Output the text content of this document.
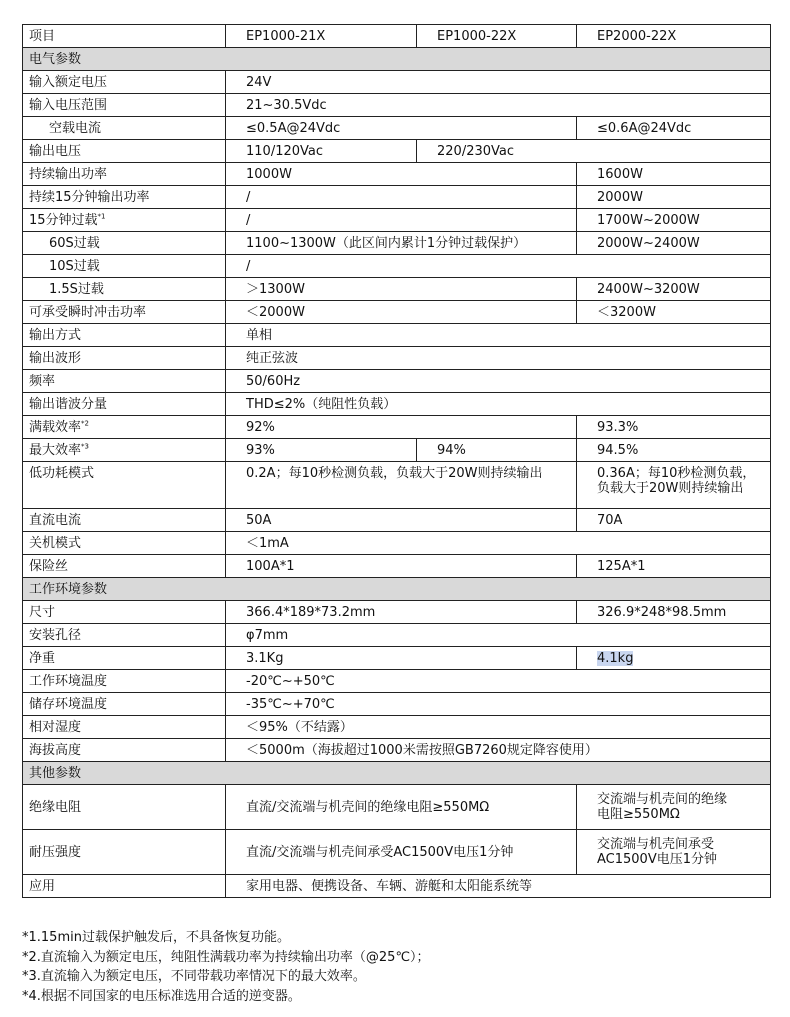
项目	EP1000-21X	EP1000-22X	EP2000-22X
电气参数			
输入额定电压	24V		
输入电压范围	21~30.5Vdc		
空载电流	≤0.5A@24Vdc		≤0.6A@24Vdc
输出电压	110/120Vac	220/230Vac	
持续输出功率	1000W		1600W
持续15分钟输出功率	/		2000W
15分钟过载$^{*1}$	/		1700W~2000W
60S过载	1100~1300W（此区间内累计1分钟过载保护）		2000W~2400W
10S过载	/		
1.5S过载	＞1300W		2400W~3200W
可承受瞬时冲击功率	＜2000W		＜3200W
输出方式	单相		
输出波形	纯正弦波		
频率	50/60Hz		
输出谐波分量	THD≤2%（纯阻性负载）		
满载效率$^{*2}$	92%		93.3%
最大效率$^{*3}$	93%	94%	94.5%
低功耗模式	0.2A；每10秒检测负载，负载大于20W则持续输出		0.36A；每10秒检测负载，
负载大于20W则持续输出

直流电流	50A		70A
关机模式	＜1mA		
保险丝	100A*1		125A*1
工作环境参数			
尺寸	366.4*189*73.2mm		326.9*248*98.5mm
安装孔径	φ7mm		
净重	3.1Kg		4.1kg
工作环境温度	-20℃~+50℃		
储存环境温度	-35℃~+70℃		
相对湿度	＜95%（不结露）		
海拔高度	＜5000m（海拔超过1000米需按照GB7260规定降容使用）		
其他参数			
绝缘电阻	直流/交流端与机壳间的绝缘电阻≥550MΩ		交流端与机壳间的绝缘
电阻≥550MΩ

耐压强度	直流/交流端与机壳间承受AC1500V电压1分钟		交流端与机壳间承受
AC1500V电压1分钟

应用	家用电器、便携设备、车辆、游艇和太阳能系统等		
*1.15min过载保护触发后，不具备恢复功能。
*2.直流输入为额定电压，纯阻性满载功率为持续输出功率（@25℃）；
*3.直流输入为额定电压，不同带载功率情况下的最大效率。
*4.根据不同国家的电压标准选用合适的逆变器。
